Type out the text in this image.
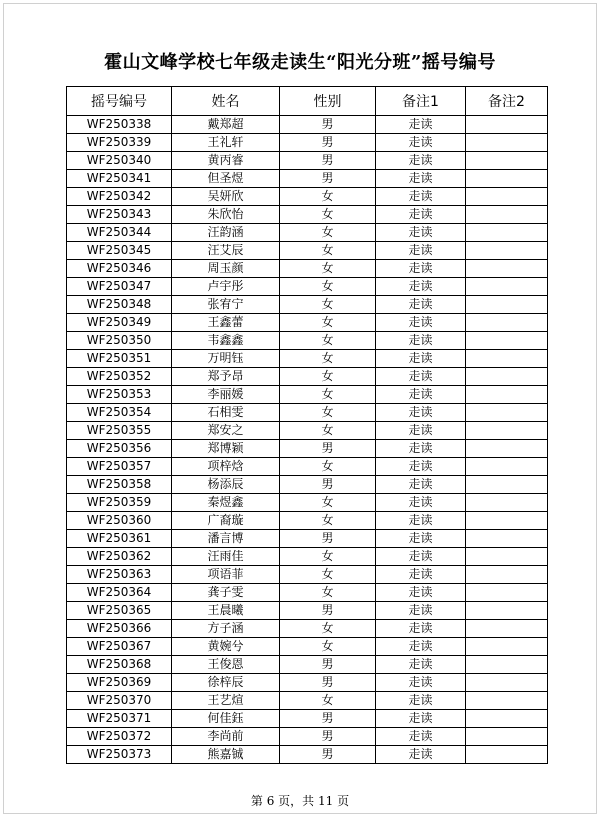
霍山文峰学校七年级走读生“阳光分班”摇号编号
摇号编号	姓名	性别	备注1	备注2
WF250338	戴郑超	男	走读	
WF250339	王礼轩	男	走读	
WF250340	黄丙睿	男	走读	
WF250341	但圣煜	男	走读	
WF250342	吴妍欣	女	走读	
WF250343	朱欣怡	女	走读	
WF250344	汪韵涵	女	走读	
WF250345	汪艾辰	女	走读	
WF250346	周玉颜	女	走读	
WF250347	卢宇彤	女	走读	
WF250348	张宥宁	女	走读	
WF250349	王鑫蕾	女	走读	
WF250350	韦鑫鑫	女	走读	
WF250351	万明钰	女	走读	
WF250352	郑予昂	女	走读	
WF250353	李丽媛	女	走读	
WF250354	石相雯	女	走读	
WF250355	郑安之	女	走读	
WF250356	郑博颖	男	走读	
WF250357	项梓焓	女	走读	
WF250358	杨添辰	男	走读	
WF250359	秦煜鑫	女	走读	
WF250360	广裔璇	女	走读	
WF250361	潘言博	男	走读	
WF250362	汪雨佳	女	走读	
WF250363	项语菲	女	走读	
WF250364	龚子雯	女	走读	
WF250365	王晨曦	男	走读	
WF250366	方子涵	女	走读	
WF250367	黄婉兮	女	走读	
WF250368	王俊恩	男	走读	
WF250369	徐梓辰	男	走读	
WF250370	王艺煊	女	走读	
WF250371	何佳鈺	男	走读	
WF250372	李尚前	男	走读	
WF250373	熊嘉铖	男	走读	
第 6 页，共 11 页
